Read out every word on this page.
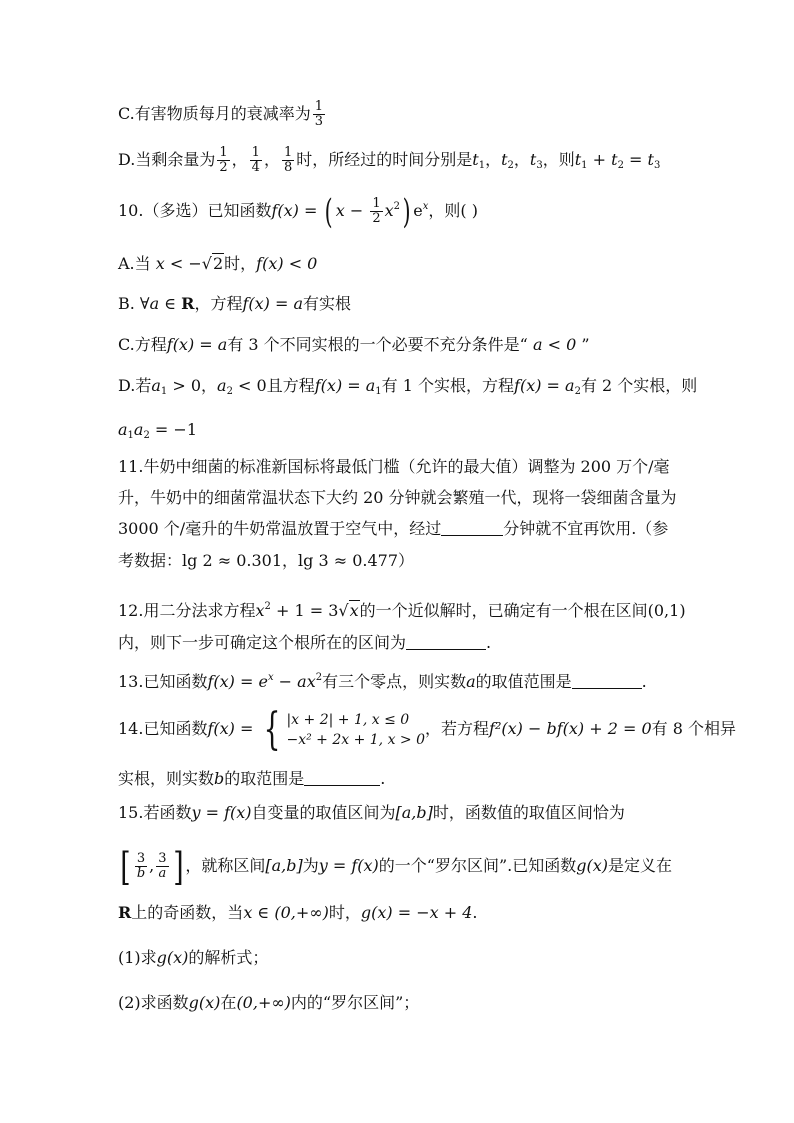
C.有害物质每月的衰减率为 $\frac{1}{3}$
D.当剩余量为 $\frac{1}{2}$ ， $\frac{1}{4}$ ， $\frac{1}{8}$ 时，所经过的时间分别是$t_1$，$t_2$，$t_3$，则$t_1 + t_2 = t_3$
10.（多选）已知函数f(x) = ( $x - \frac{1}{2} x^2$) $e^x$，则( )
A.当 x < −√2时，f(x) < 0
B. ∀a ∈ R，方程f(x) = a有实根
C.方程f(x) = a有 3 个不同实根的一个必要不充分条件是“ a < 0 ”
D.若$a_1 > 0$，$a_2 < 0$且方程$f(x) = a_1$有 1 个实根，方程$f(x) = a_2$有 2 个实根，则
$a_1a_2 = -1$
11.牛奶中细菌的标准新国标将最低门槛（允许的最大值）调整为 200 万个/毫
升，牛奶中的细菌常温状态下大约 20 分钟就会繁殖一代，现将一袋细菌含量为
3000 个/毫升的牛奶常温放置于空气中，经过	分钟就不宜再饮用.（参
考数据：lg 2 ≈ 0.301，lg 3 ≈ 0.477）
12.用二分法求方程$x^2 + 1 = 3√x$的一个近似解时，已确定有一个根在区间(0,1)
内，则下一步可确定这个根所在的区间为	.
13.已知函数$f(x) = e^x - ax^2$有三个零点，则实数a的取值范围是	.
14.已知函数f(x) = { |x + 2| + 1, x ≤ 0
−x² + 2x + 1, x > 0
，若方程f²(x) − bf(x) + 2 = 0有 8 个相异
实根，则实数b的取范围是	.
15.若函数y = f(x)自变量的取值区间为[a,b]时，函数值的取值区间恰为
[ $\frac{3}{b}$ , $\frac{3}{a}$ ] ，就称区间[a,b]为y = f(x)的一个“罗尔区间”.已知函数g(x)是定义在
R上的奇函数，当x ∈ (0,+∞)时，g(x) = −x + 4.
(1)求g(x)的解析式；
(2)求函数g(x)在(0,+∞)内的“罗尔区间”；
